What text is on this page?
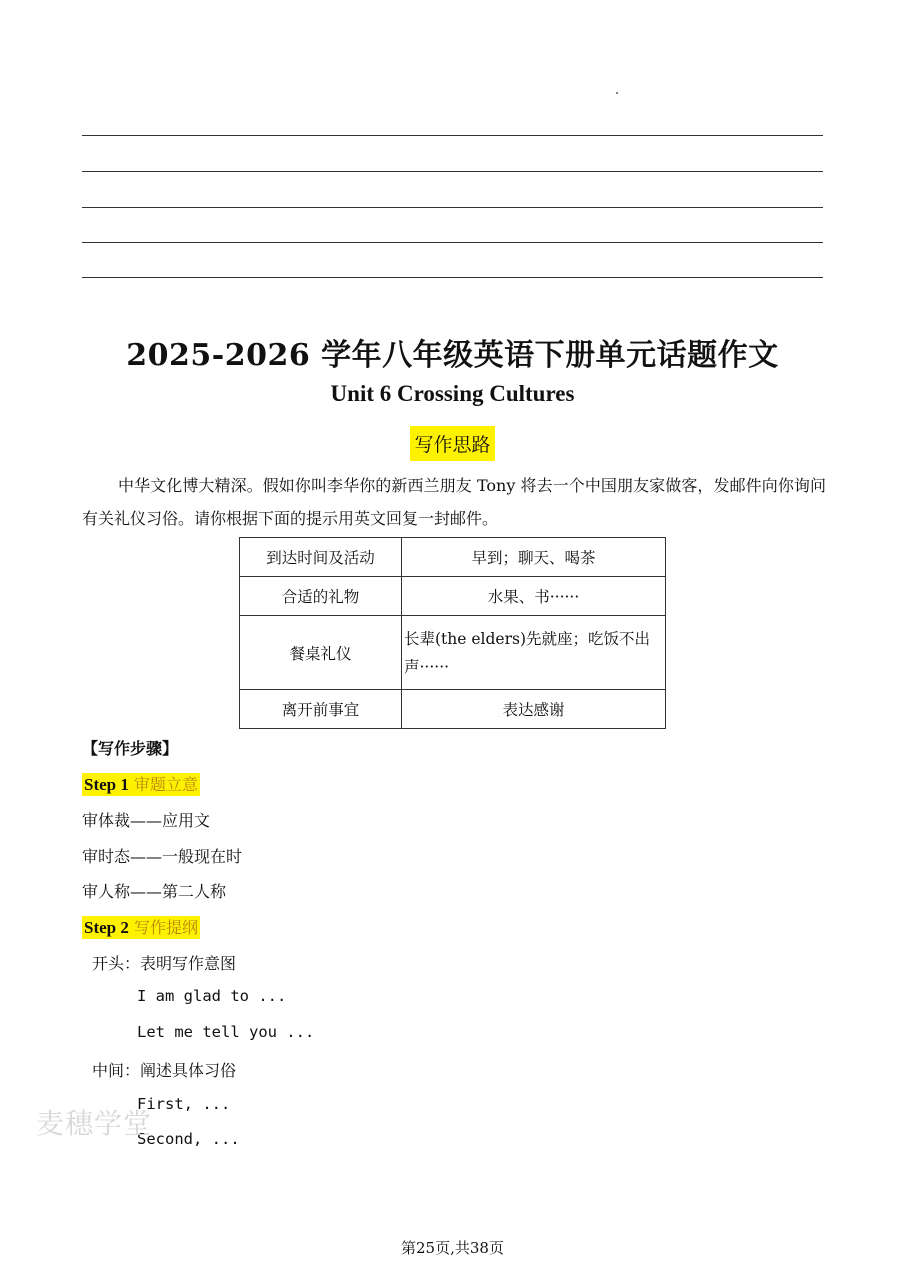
2025-2026 学年八年级英语下册单元话题作文
Unit 6 Crossing Cultures
写作思路
中华文化博大精深。假如你叫李华你的新西兰朋友 Tony 将去一个中国朋友家做客，发邮件向你询问有关礼仪习俗。请你根据下面的提示用英文回复一封邮件。
到达时间及活动	早到；聊天、喝茶
合适的礼物	水果、书······
餐桌礼仪	长辈(the elders)先就座；吃饭不出声······
离开前事宜	表达感谢
【写作步骤】
Step 1 审题立意
审体裁——应用文
审时态——一般现在时
审人称——第二人称
Step 2 写作提纲
开头：表明写作意图
I am glad to ...
Let me tell you ...
中间：阐述具体习俗
First, ...
Second, ...
麦穗学堂
第25页,共38页
